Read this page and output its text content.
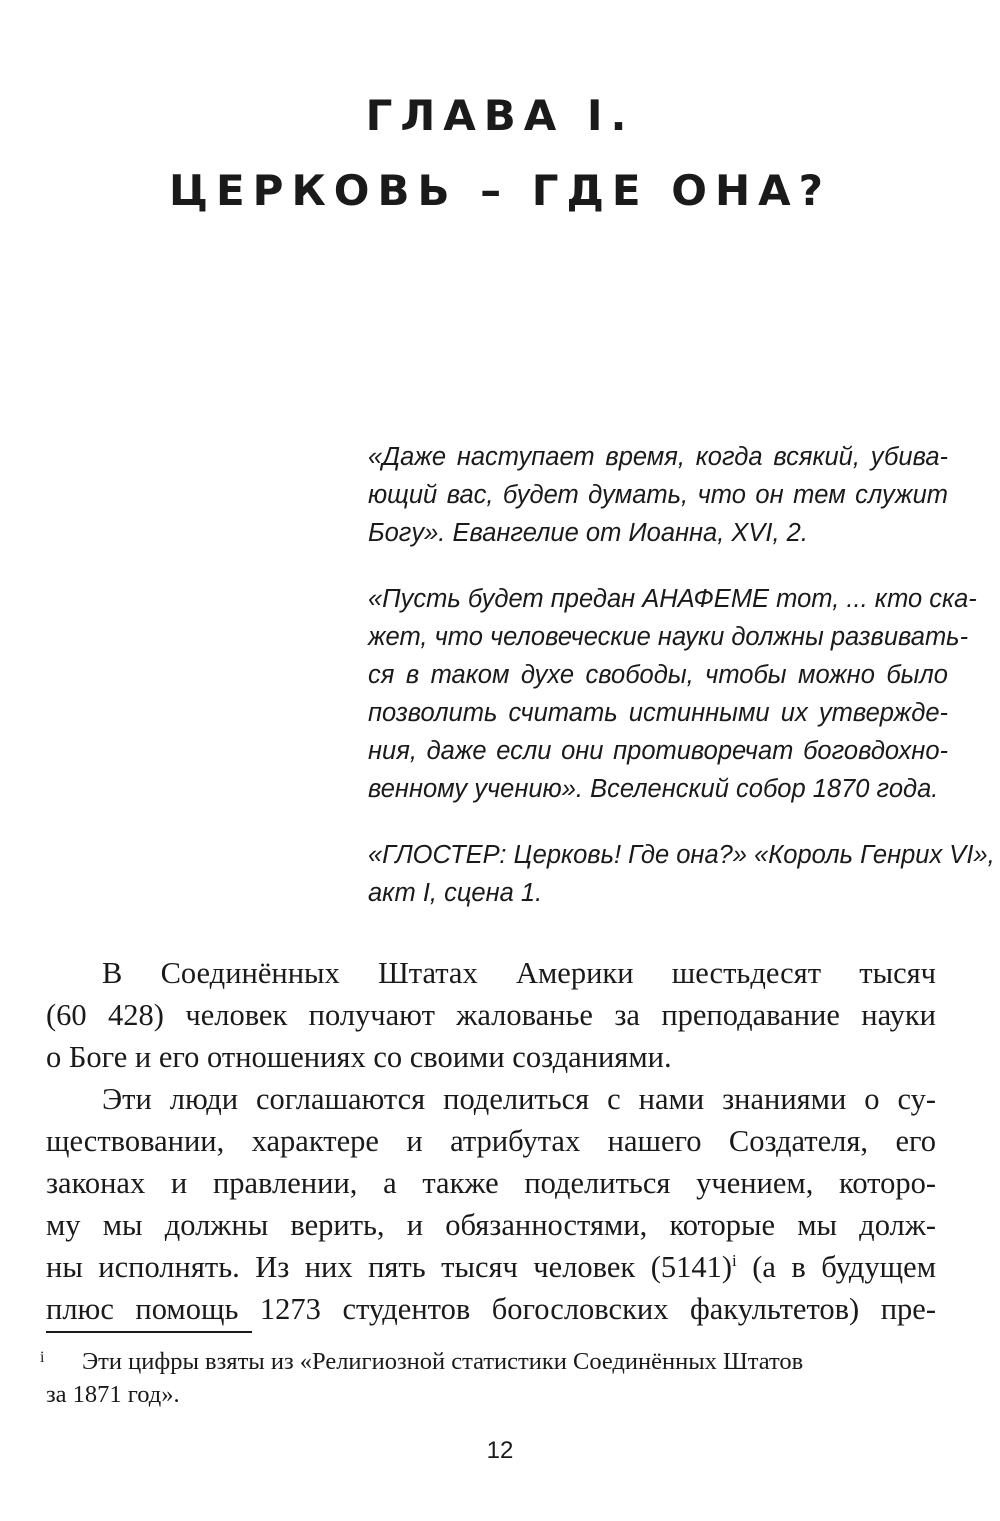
ГЛАВА I.
ЦЕРКОВЬ – ГДЕ ОНА?

«Даже наступает время, когда всякий, убива-
ющий вас, будет думать, что он тем служит
Богу». Евангелие от Иоанна, XVI, 2.

«Пусть будет предан АНАФЕМЕ тот, ... кто ска-
жет, что человеческие науки должны развивать-
ся в таком духе свободы, чтобы можно было
позволить считать истинными их утвержде-
ния, даже если они противоречат боговдохно-
венному учению». Вселенский собор 1870 года.

«ГЛОСТЕР: Церковь! Где она?» «Король Генрих VI»,
акт I, сцена 1.

В Соединённых Штатах Америки шестьдесят тысяч
(60 428) человек получают жалованье за преподавание науки
о Боге и его отношениях со своими созданиями.

Эти люди соглашаются поделиться с нами знаниями о су-
ществовании, характере и атрибутах нашего Создателя, его
законах и правлении, а также поделиться учением, которо-
му мы должны верить, и обязанностями, которые мы долж-
ны исполнять. Из них пять тысяч человек (5141)$^i$ (а в будущем
плюс помощь 1273 студентов богословских факультетов) пре-

i	Эти цифры взяты из «Религиозной статистики Соединённых Штатов
за 1871 год».
12
